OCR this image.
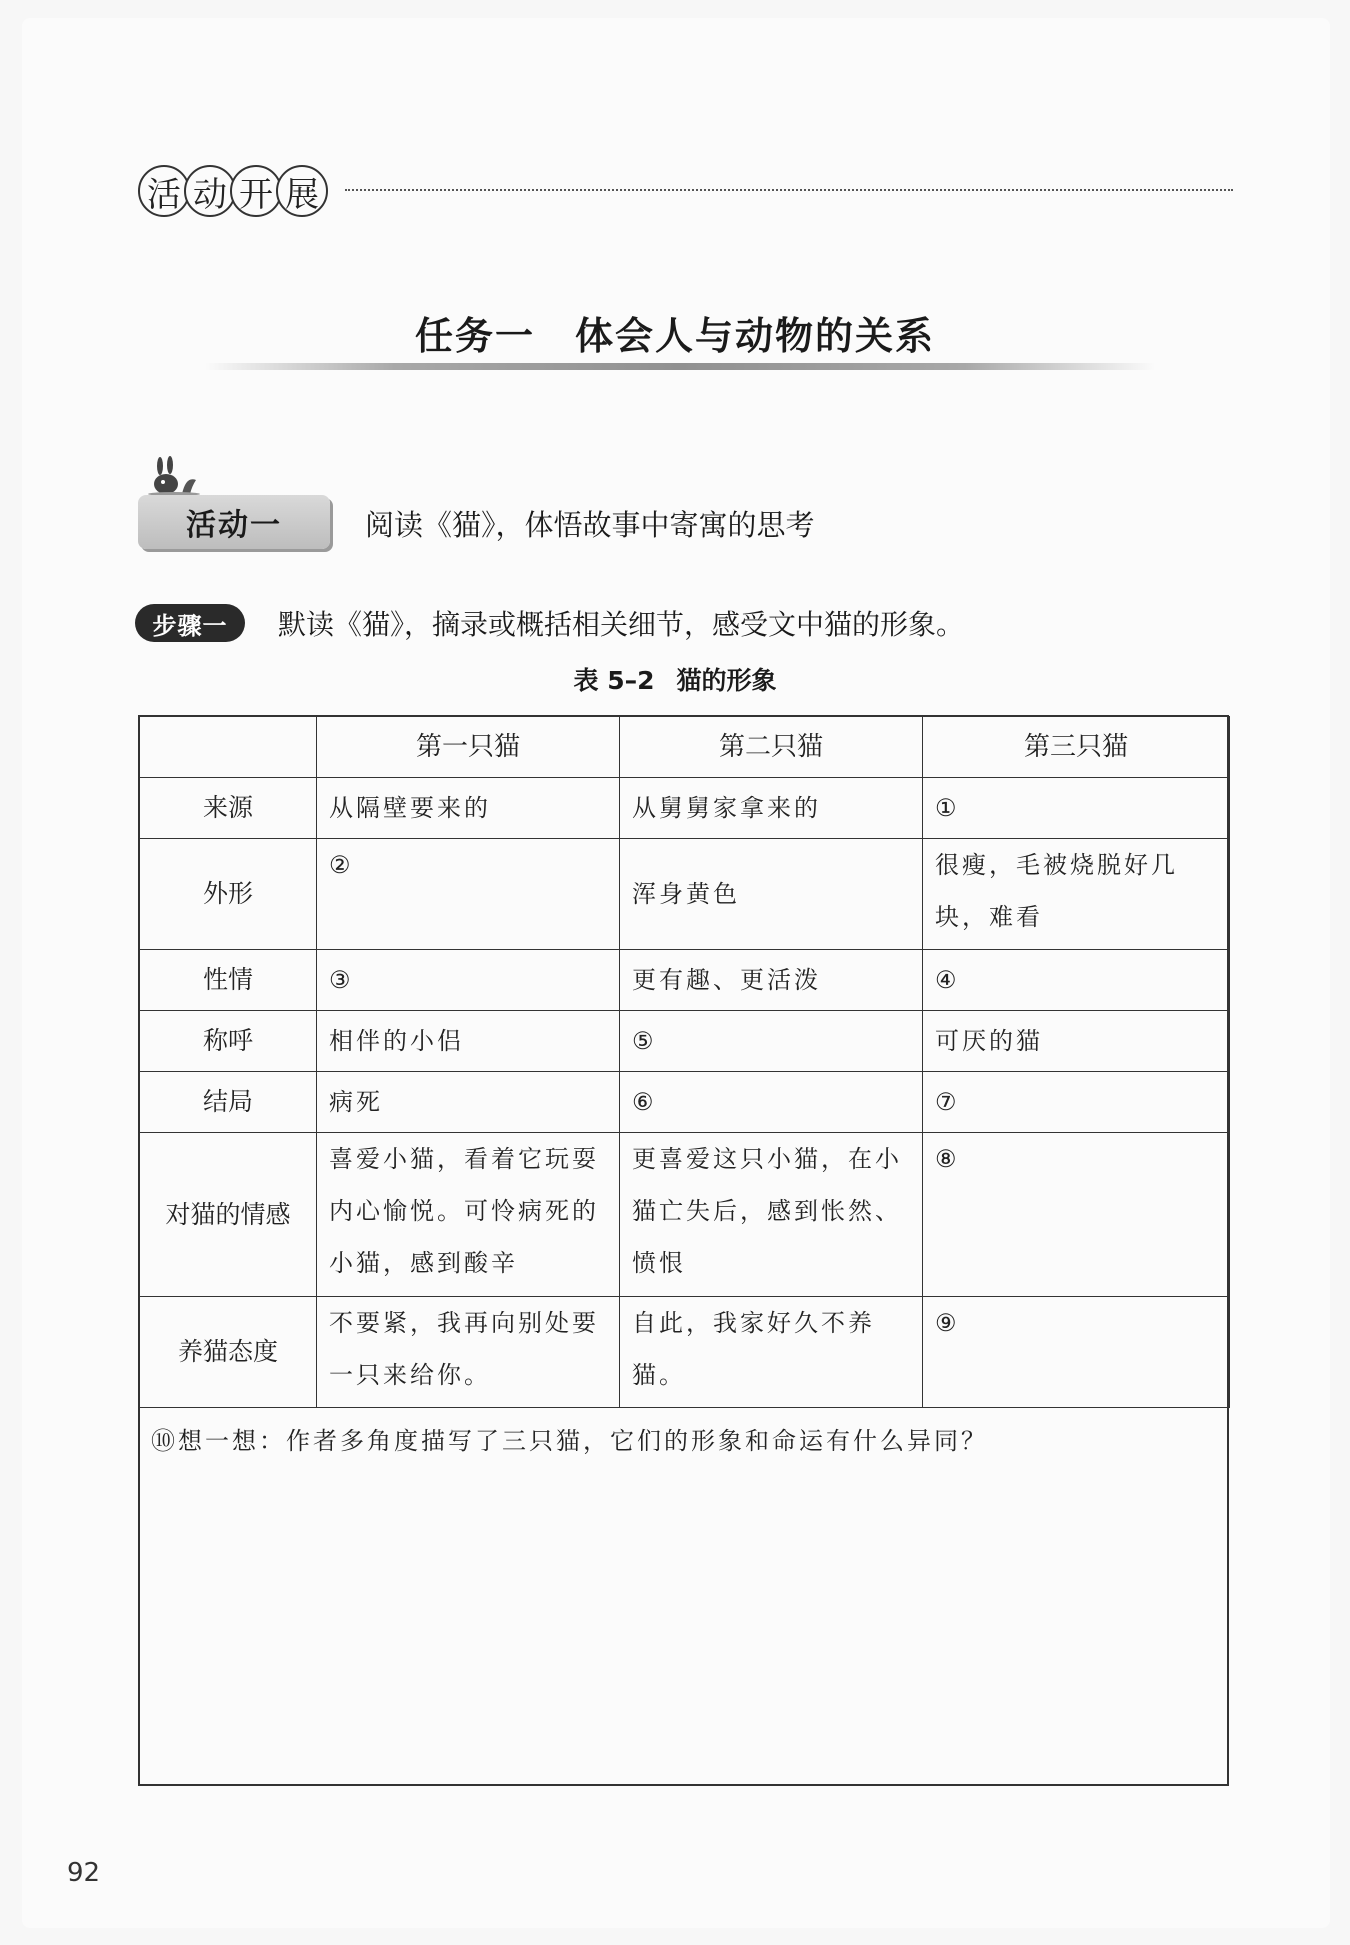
活 动 开 展
任务一 体会人与动物的关系
活动一	阅读《猫》，体悟故事中寄寓的思考
步骤一	默读《猫》，摘录或概括相关细节，感受文中猫的形象。
表 5–2 猫的形象
	第一只猫	第二只猫	第三只猫
来源	从隔壁要来的	从舅舅家拿来的	①
外形	②	浑身黄色	很瘦，毛被烧脱好几块，难看
性情	③	更有趣、更活泼	④
称呼	相伴的小侣	⑤	可厌的猫
结局	病死	⑥	⑦
对猫的情感	喜爱小猫，看着它玩耍内心愉悦。可怜病死的小猫，感到酸辛	更喜爱这只小猫，在小猫亡失后，感到怅然、愤恨	⑧
养猫态度	不要紧，我再向别处要一只来给你。	自此，我家好久不养猫。	⑨
⑩想一想：作者多角度描写了三只猫，它们的形象和命运有什么异同？
92
